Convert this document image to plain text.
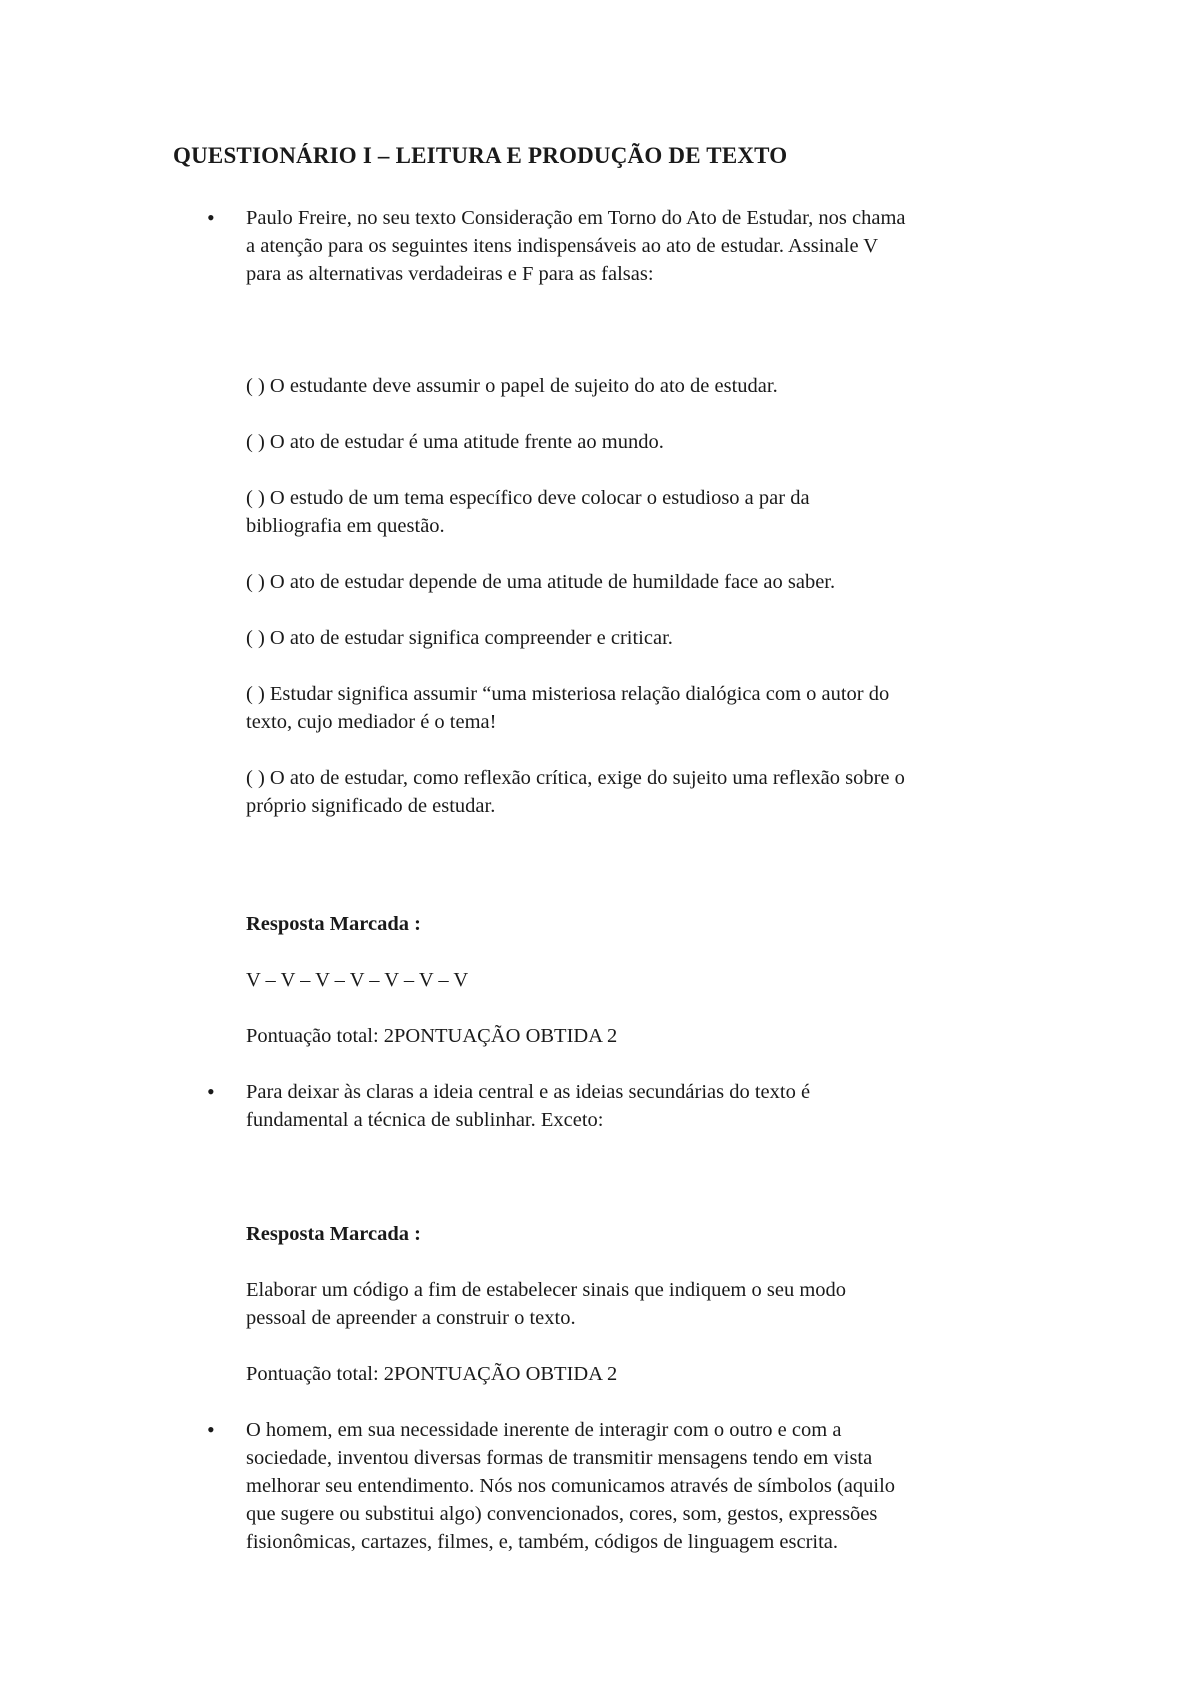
QUESTIONÁRIO I – LEITURA E PRODUÇÃO DE TEXTO
• Paulo Freire, no seu texto Consideração em Torno do Ato de Estudar, nos chama
a atenção para os seguintes itens indispensáveis ao ato de estudar. Assinale V
para as alternativas verdadeiras e F para as falsas:

( ) O estudante deve assumir o papel de sujeito do ato de estudar.

( ) O ato de estudar é uma atitude frente ao mundo.

( ) O estudo de um tema específico deve colocar o estudioso a par da
bibliografia em questão.

( ) O ato de estudar depende de uma atitude de humildade face ao saber.

( ) O ato de estudar significa compreender e criticar.

( ) Estudar significa assumir “uma misteriosa relação dialógica com o autor do
texto, cujo mediador é o tema!

( ) O ato de estudar, como reflexão crítica, exige do sujeito uma reflexão sobre o
próprio significado de estudar.

Resposta Marcada :

V – V – V – V – V – V – V

Pontuação total: 2PONTUAÇÃO OBTIDA 2

• Para deixar às claras a ideia central e as ideias secundárias do texto é
fundamental a técnica de sublinhar. Exceto:

Resposta Marcada :

Elaborar um código a fim de estabelecer sinais que indiquem o seu modo
pessoal de apreender a construir o texto.

Pontuação total: 2PONTUAÇÃO OBTIDA 2

• O homem, em sua necessidade inerente de interagir com o outro e com a
sociedade, inventou diversas formas de transmitir mensagens tendo em vista
melhorar seu entendimento. Nós nos comunicamos através de símbolos (aquilo
que sugere ou substitui algo) convencionados, cores, som, gestos, expressões
fisionômicas, cartazes, filmes, e, também, códigos de linguagem escrita.
